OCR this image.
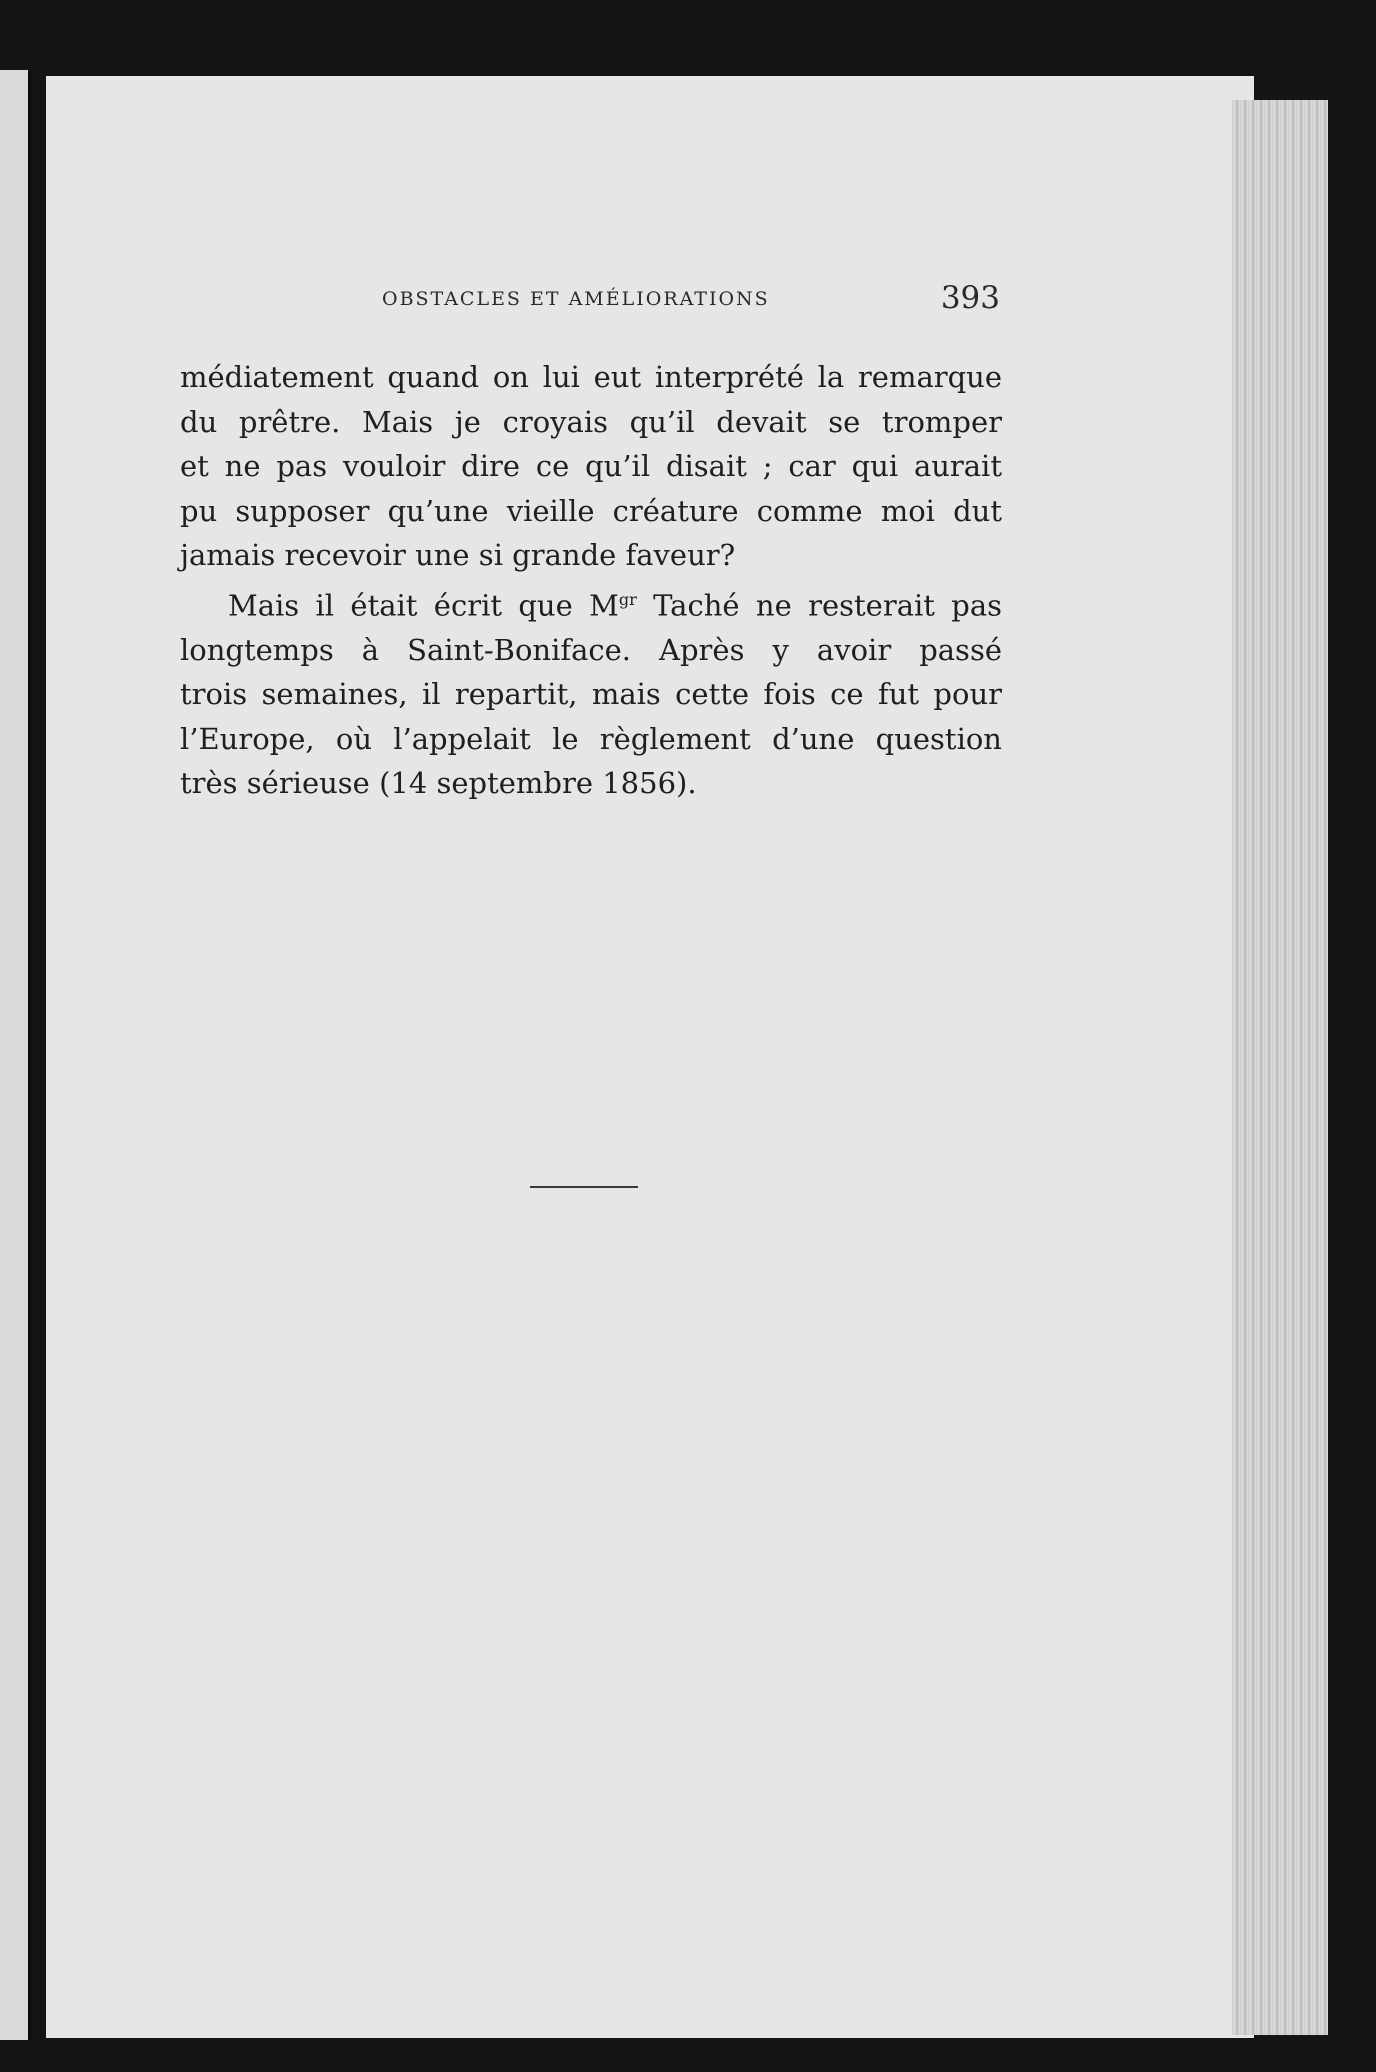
OBSTACLES ET AMÉLIORATIONS	393

médiatement quand on lui eut interprété la remarque
du prêtre. Mais je croyais qu’il devait se tromper
et ne pas vouloir dire ce qu’il disait ; car qui aurait
pu supposer qu’une vieille créature comme moi dut
jamais recevoir une si grande faveur?

Mais il était écrit que $M^{gr}$ Taché ne resterait pas
longtemps à Saint-Boniface. Après y avoir passé
trois semaines, il repartit, mais cette fois ce fut pour
l’Europe, où l’appelait le règlement d’une question
très sérieuse (14 septembre 1856).
